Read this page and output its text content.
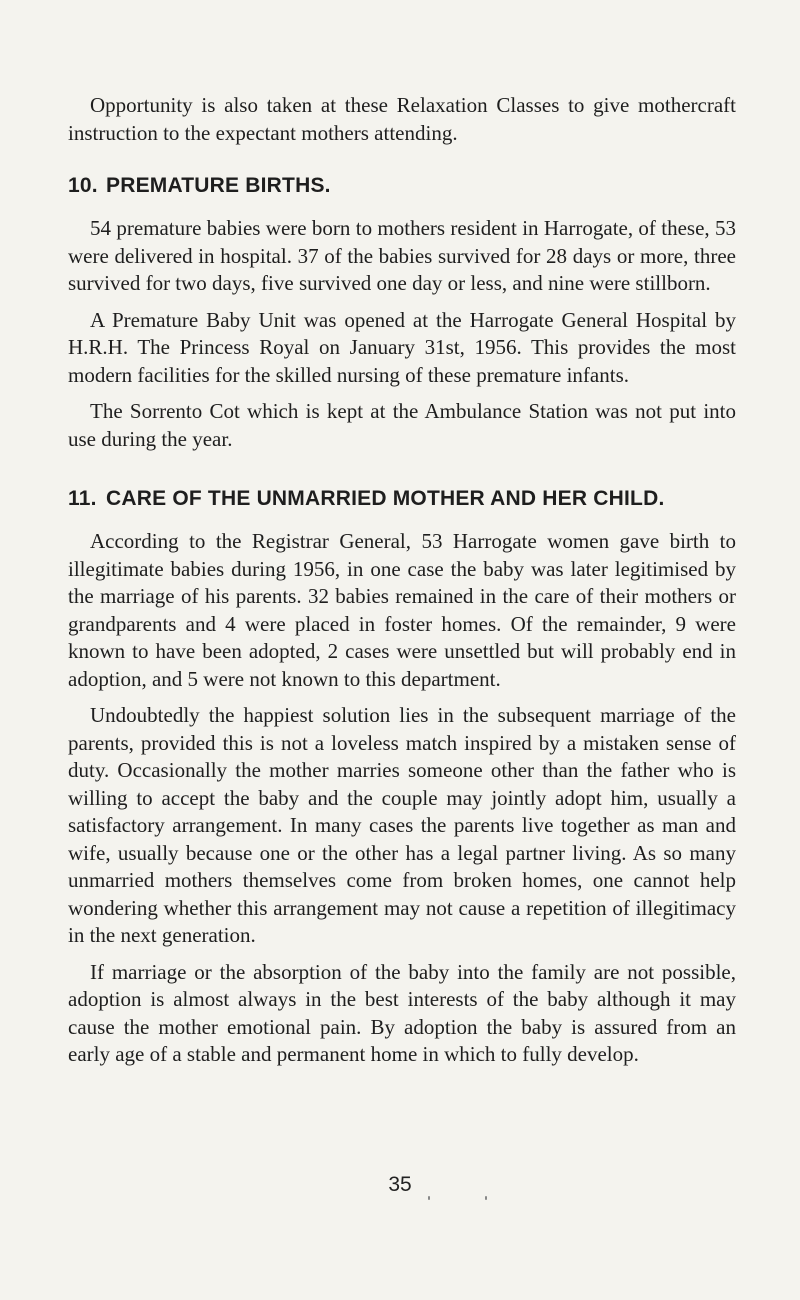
Opportunity is also taken at these Relaxation Classes to give mothercraft instruction to the expectant mothers attending.

10. PREMATURE BIRTHS.

54 premature babies were born to mothers resident in Harrogate, of these, 53 were delivered in hospital. 37 of the babies survived for 28 days or more, three survived for two days, five survived one day or less, and nine were stillborn.

A Premature Baby Unit was opened at the Harrogate General Hospital by H.R.H. The Princess Royal on January 31st, 1956. This provides the most modern facilities for the skilled nursing of these premature infants.

The Sorrento Cot which is kept at the Ambulance Station was not put into use during the year.

11. CARE OF THE UNMARRIED MOTHER AND HER CHILD.

According to the Registrar General, 53 Harrogate women gave birth to illegitimate babies during 1956, in one case the baby was later legitimised by the marriage of his parents. 32 babies remained in the care of their mothers or grandparents and 4 were placed in foster homes. Of the remainder, 9 were known to have been adopted, 2 cases were unsettled but will probably end in adoption, and 5 were not known to this department.

Undoubtedly the happiest solution lies in the subsequent marriage of the parents, provided this is not a loveless match inspired by a mistaken sense of duty. Occasionally the mother marries someone other than the father who is willing to accept the baby and the couple may jointly adopt him, usually a satisfactory arrangement. In many cases the parents live together as man and wife, usually because one or the other has a legal partner living. As so many unmarried mothers themselves come from broken homes, one cannot help wondering whether this arrangement may not cause a repetition of illegitimacy in the next generation.

If marriage or the absorption of the baby into the family are not possible, adoption is almost always in the best interests of the baby although it may cause the mother emotional pain. By adoption the baby is assured from an early age of a stable and permanent home in which to fully develop.

35
